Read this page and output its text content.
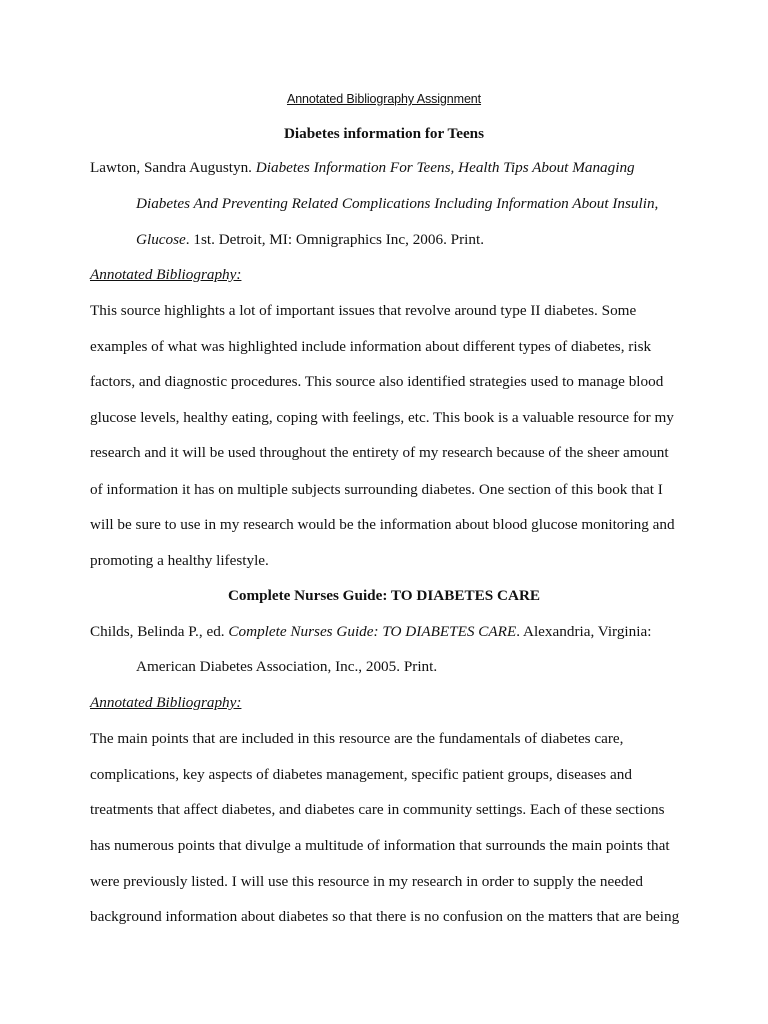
Annotated Bibliography Assignment
Diabetes information for Teens
Lawton, Sandra Augustyn. Diabetes Information For Teens, Health Tips About Managing
Diabetes And Preventing Related Complications Including Information About Insulin,
Glucose. 1st. Detroit, MI: Omnigraphics Inc, 2006. Print.
Annotated Bibliography:
This source highlights a lot of important issues that revolve around type II diabetes. Some
examples of what was highlighted include information about different types of diabetes, risk
factors, and diagnostic procedures. This source also identified strategies used to manage blood
glucose levels, healthy eating, coping with feelings, etc. This book is a valuable resource for my
research and it will be used throughout the entirety of my research because of the sheer amount
of information it has on multiple subjects surrounding diabetes. One section of this book that I
will be sure to use in my research would be the information about blood glucose monitoring and
promoting a healthy lifestyle.
Complete Nurses Guide: TO DIABETES CARE
Childs, Belinda P., ed. Complete Nurses Guide: TO DIABETES CARE. Alexandria, Virginia:
American Diabetes Association, Inc., 2005. Print.
Annotated Bibliography:
The main points that are included in this resource are the fundamentals of diabetes care,
complications, key aspects of diabetes management, specific patient groups, diseases and
treatments that affect diabetes, and diabetes care in community settings. Each of these sections
has numerous points that divulge a multitude of information that surrounds the main points that
were previously listed. I will use this resource in my research in order to supply the needed
background information about diabetes so that there is no confusion on the matters that are being
